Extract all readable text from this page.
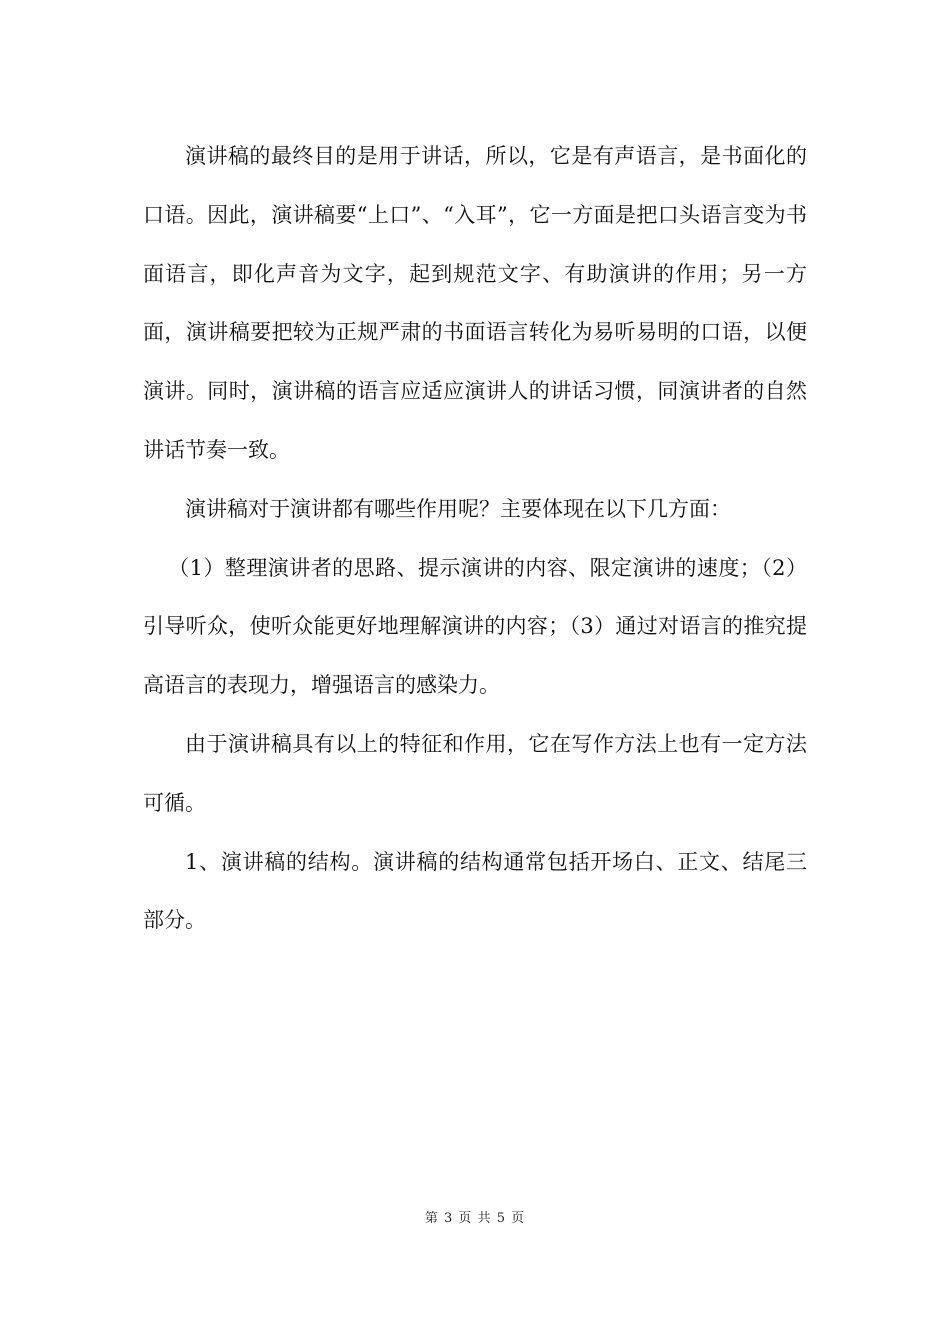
演讲稿的最终目的是用于讲话，所以，它是有声语言，是书面化的口语。因此，演讲稿要“上口”、“入耳”，它一方面是把口头语言变为书面语言，即化声音为文字，起到规范文字、有助演讲的作用；另一方面，演讲稿要把较为正规严肃的书面语言转化为易听易明的口语，以便演讲。同时，演讲稿的语言应适应演讲人的讲话习惯，同演讲者的自然讲话节奏一致。

演讲稿对于演讲都有哪些作用呢？主要体现在以下几方面：

（1）整理演讲者的思路、提示演讲的内容、限定演讲的速度；（2）引导听众，使听众能更好地理解演讲的内容；（3）通过对语言的推究提高语言的表现力，增强语言的感染力。

由于演讲稿具有以上的特征和作用，它在写作方法上也有一定方法可循。

1、演讲稿的结构。演讲稿的结构通常包括开场白、正文、结尾三部分。

第 3 页 共 5 页
